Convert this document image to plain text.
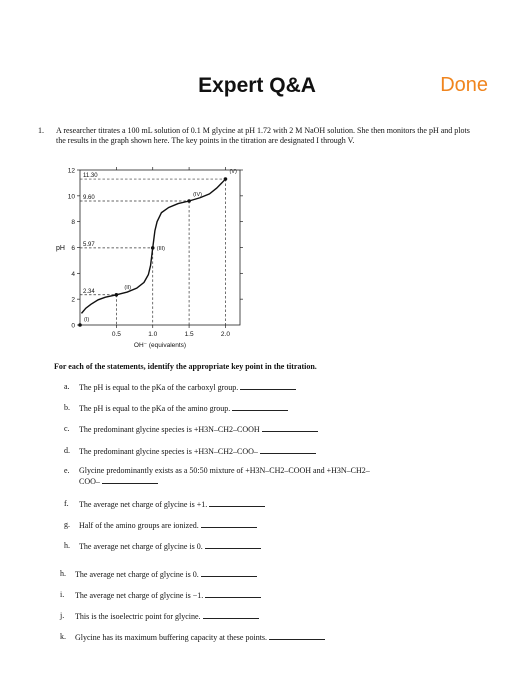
Expert Q&A	Done
1. A researcher titrates a 100 mL solution of 0.1 M glycine at pH 1.72 with 2 M NaOH solution. She then monitors the pH and plots the results in the graph shown here. The key points in the titration are designated I through V.
0
2
4
6
8
10
12
0.5	1.0	1.5	2.0
pH
OH⁻ (equivalents)
(I)
(II)
(III)
(IV)
(V)
11.30
9.60
5.97
2.34
For each of the statements, identify the appropriate key point in the titration.
a. The pH is equal to the pKa of the carboxyl group.
b. The pH is equal to the pKa of the amino group.
c. The predominant glycine species is +H3N–CH2–COOH
d. The predominant glycine species is +H3N–CH2–COO–
e. Glycine predominantly exists as a 50:50 mixture of +H3N–CH2–COOH and +H3N–CH2–COO–
f. The average net charge of glycine is +1.
g. Half of the amino groups are ionized.
h. The average net charge of glycine is 0.
h. The average net charge of glycine is 0.
i. The average net charge of glycine is −1.
j. This is the isoelectric point for glycine.
k. Glycine has its maximum buffering capacity at these points.
